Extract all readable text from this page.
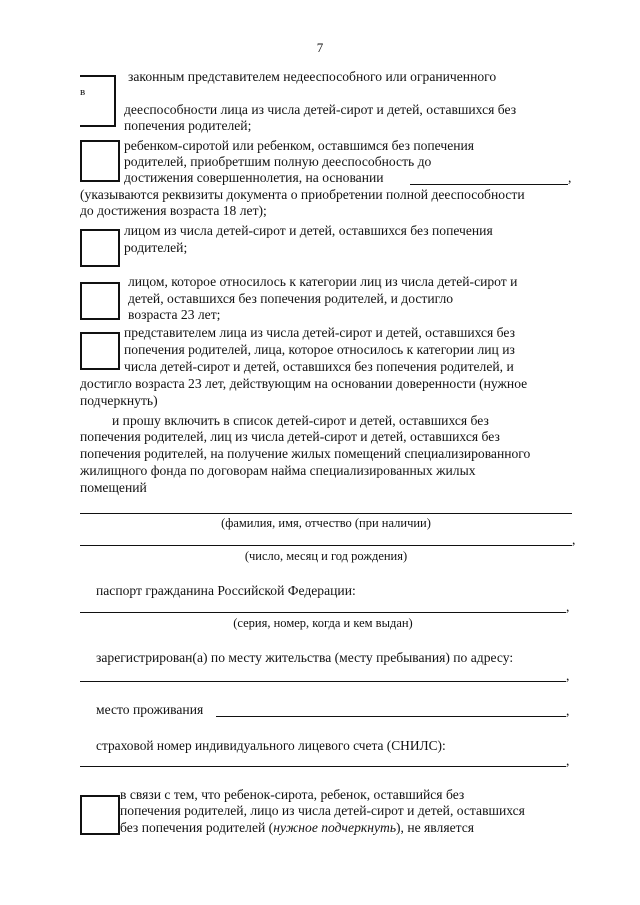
7
в
законным представителем недееспособного или ограниченного
дееспособности лица из числа детей-сирот и детей, оставшихся без
попечения родителей;
ребенком-сиротой или ребенком, оставшимся без попечения
родителей, приобретшим полную дееспособность до
достижения совершеннолетия, на основании	,
(указываются реквизиты документа о приобретении полной дееспособности
до достижения возраста 18 лет);
лицом из числа детей-сирот и детей, оставшихся без попечения
родителей;
лицом, которое относилось к категории лиц из числа детей-сирот и
детей, оставшихся без попечения родителей, и достигло
возраста 23 лет;
представителем лица из числа детей-сирот и детей, оставшихся без
попечения родителей, лица, которое относилось к категории лиц из
числа детей-сирот и детей, оставшихся без попечения родителей, и
достигло возраста 23 лет, действующим на основании доверенности (нужное
подчеркнуть)
и прошу включить в список детей-сирот и детей, оставшихся без
попечения родителей, лиц из числа детей-сирот и детей, оставшихся без
попечения родителей, на получение жилых помещений специализированного
жилищного фонда по договорам найма специализированных жилых
помещений
(фамилия, имя, отчество (при наличии)
,
(число, месяц и год рождения)
паспорт гражданина Российской Федерации:
,
(серия, номер, когда и кем выдан)
зарегистрирован(а) по месту жительства (месту пребывания) по адресу:
,
место проживания	,
страховой номер индивидуального лицевого счета (СНИЛС):
,
в связи с тем, что ребенок-сирота, ребенок, оставшийся без
попечения родителей, лицо из числа детей-сирот и детей, оставшихся
без попечения родителей (нужное подчеркнуть), не является
